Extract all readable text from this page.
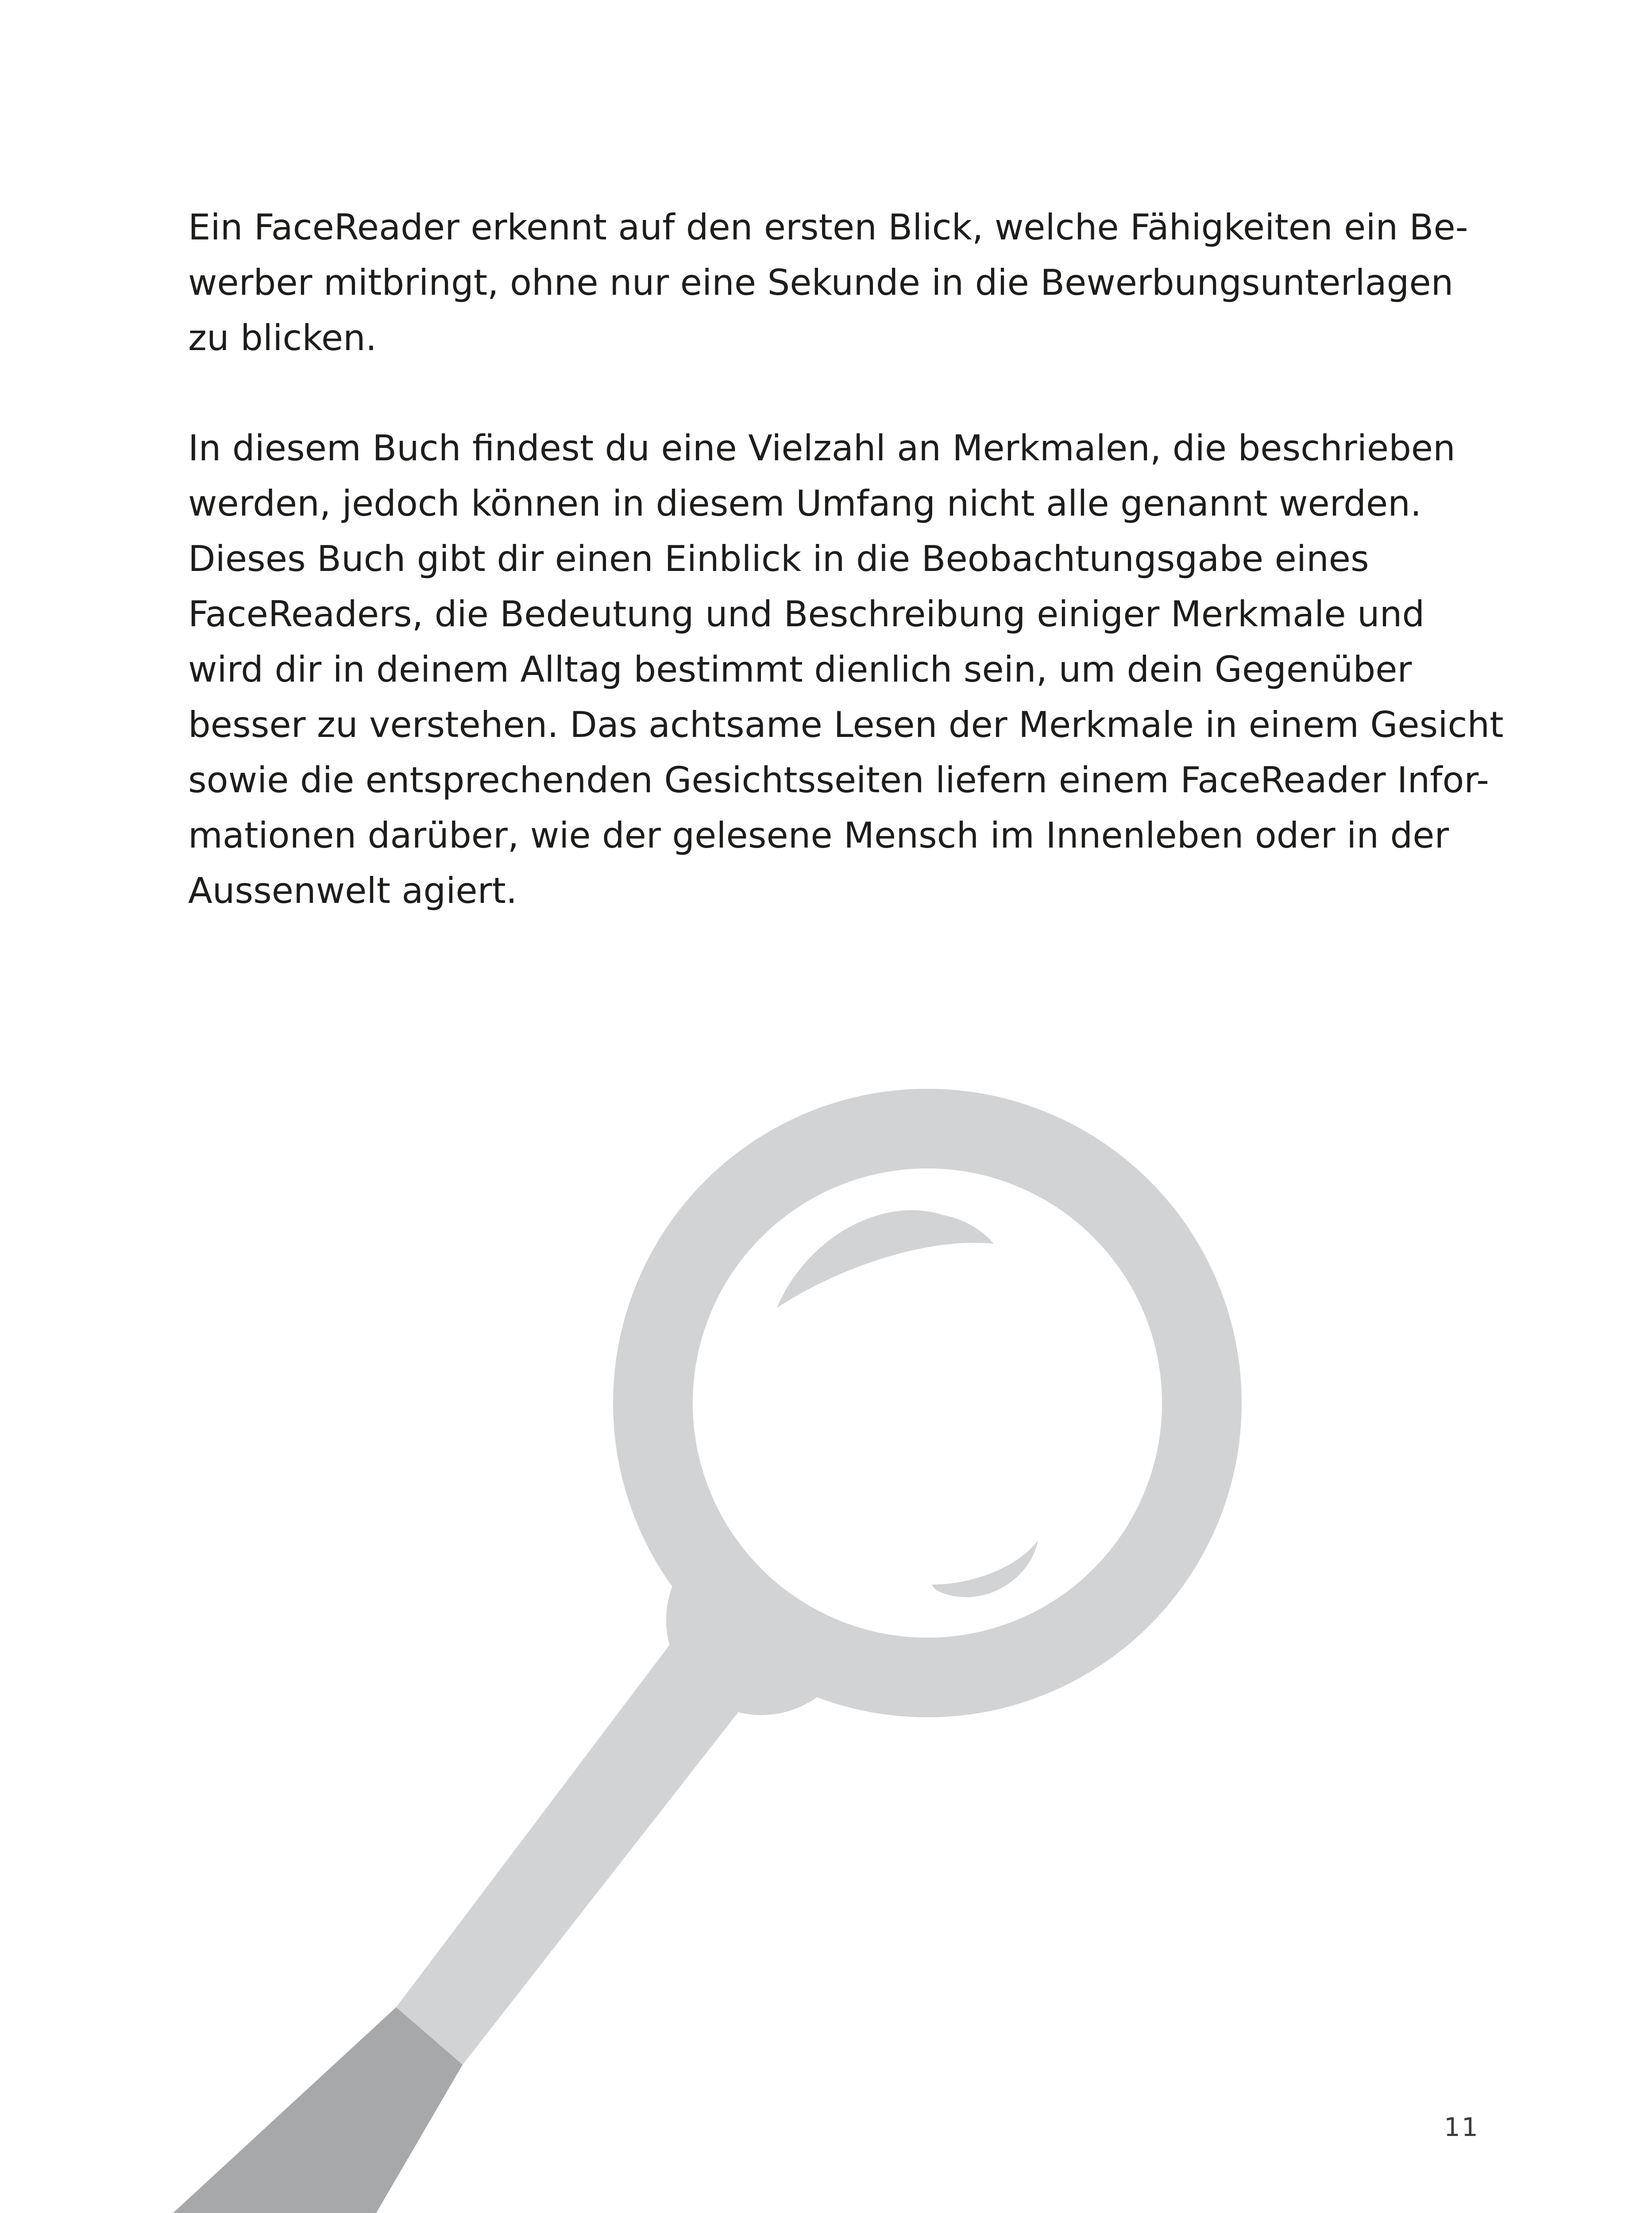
Ein FaceReader erkennt auf den ersten Blick, welche Fähigkeiten ein Be-
werber mitbringt, ohne nur eine Sekunde in die Bewerbungsunterlagen
zu blicken.
In diesem Buch findest du eine Vielzahl an Merkmalen, die beschrieben
werden, jedoch können in diesem Umfang nicht alle genannt werden.
Dieses Buch gibt dir einen Einblick in die Beobachtungsgabe eines
FaceReaders, die Bedeutung und Beschreibung einiger Merkmale und
wird dir in deinem Alltag bestimmt dienlich sein, um dein Gegenüber
besser zu verstehen. Das achtsame Lesen der Merkmale in einem Gesicht
sowie die entsprechenden Gesichtsseiten liefern einem FaceReader Infor-
mationen darüber, wie der gelesene Mensch im Innenleben oder in der
Aussenwelt agiert.
11
